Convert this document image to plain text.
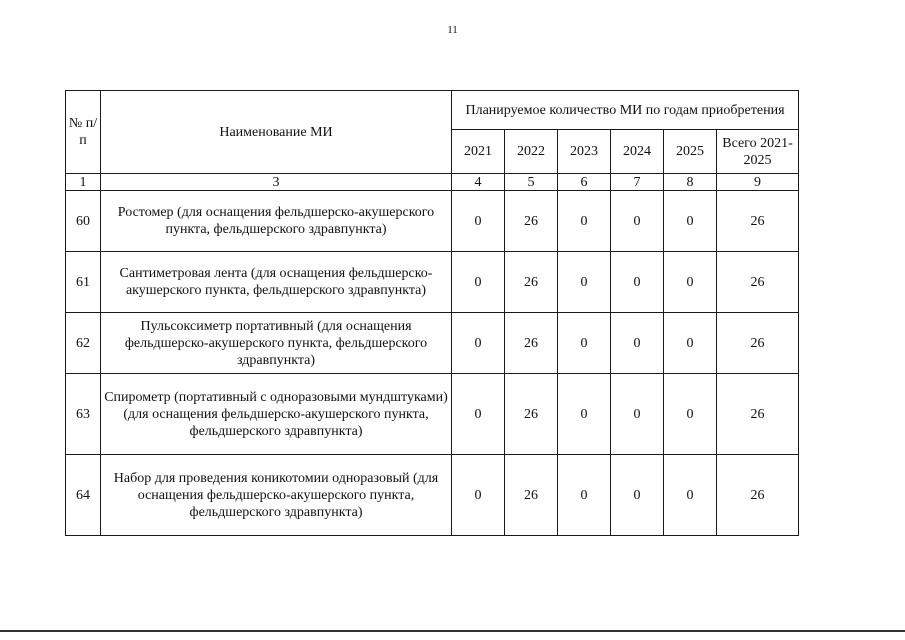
11
№ п/п	Наименование МИ	Планируемое количество МИ по годам приобретения					
		2021	2022	2023	2024	2025	Всего 2021-2025
1	3	4	5	6	7	8	9
60	Ростомер (для оснащения фельдшерско-акушерского пункта, фельдшерского здравпункта)	0	26	0	0	0	26
61	Сантиметровая лента (для оснащения фельдшерско-акушерского пункта, фельдшерского здравпункта)	0	26	0	0	0	26
62	Пульсоксиметр портативный (для оснащения фельдшерско-акушерского пункта, фельдшерского здравпункта)	0	26	0	0	0	26
63	Спирометр (портативный с одноразовыми мундштуками) (для оснащения фельдшерско-акушерского пункта, фельдшерского здравпункта)	0	26	0	0	0	26
64	Набор для проведения коникотомии одноразовый (для оснащения фельдшерско-акушерского пункта, фельдшерского здравпункта)	0	26	0	0	0	26
